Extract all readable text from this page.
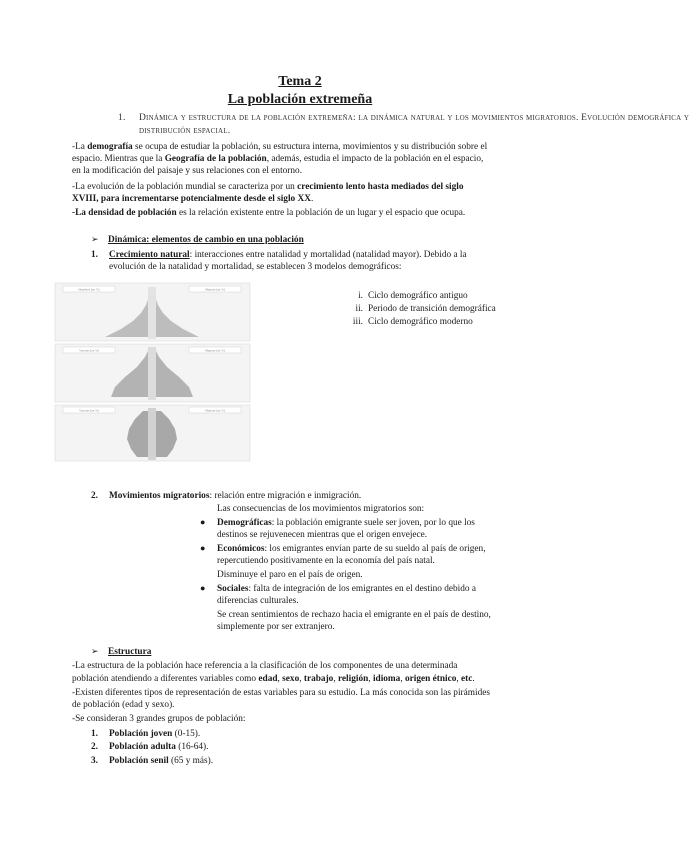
Tema 2
La población extremeña
1. Dinámica y estructura de la población extremeña: la dinámica natural y los movimientos migratorios. Evolución demográfica y
distribución espacial.
-La demografía se ocupa de estudiar la población, su estructura interna, movimientos y su distribución sobre el
espacio. Mientras que la Geografía de la población, además, estudia el impacto de la población en el espacio,
en la modificación del paisaje y sus relaciones con el entorno.
-La evolución de la población mundial se caracteriza por un crecimiento lento hasta mediados del siglo
XVIII, para incrementarse potencialmente desde el siglo XX.
-La densidad de población es la relación existente entre la población de un lugar y el espacio que ocupa.
➢ Dinámica: elementos de cambio en una población
1. Crecimiento natural: interacciones entre natalidad y mortalidad (natalidad mayor). Debido a la
evolución de la natalidad y mortalidad, se establecen 3 modelos demográficos:
Hombres (en %)	Mujeres (en %)
Varones (en %)	Mujeres (en %)
Varones (en %)	Mujeres (en %)
i. Ciclo demográfico antiguo
ii. Periodo de transición demográfica
iii. Ciclo demográfico moderno
2. Movimientos migratorios: relación entre migración e inmigración.
Las consecuencias de los movimientos migratorios son:
● Demográficas: la población emigrante suele ser joven, por lo que los
destinos se rejuvenecen mientras que el origen envejece.
● Económicos: los emigrantes envían parte de su sueldo al país de origen,
repercutiendo positivamente en la economía del país natal.
Disminuye el paro en el país de origen.
● Sociales: falta de integración de los emigrantes en el destino debido a
diferencias culturales.
Se crean sentimientos de rechazo hacia el emigrante en el país de destino,
simplemente por ser extranjero.
➢ Estructura
-La estructura de la población hace referencia a la clasificación de los componentes de una determinada
población atendiendo a diferentes variables como edad, sexo, trabajo, religión, idioma, origen étnico, etc.
-Existen diferentes tipos de representación de estas variables para su estudio. La más conocida son las pirámides
de población (edad y sexo).
-Se consideran 3 grandes grupos de población:
1. Población joven (0-15).
2. Población adulta (16-64).
3. Población senil (65 y más).
